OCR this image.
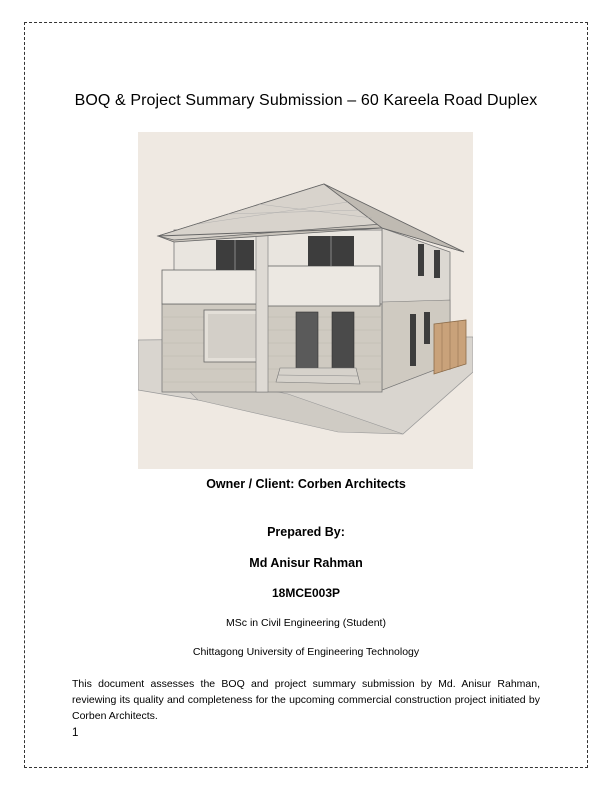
BOQ & Project Summary Submission – 60 Kareela Road Duplex
Owner / Client: Corben Architects
Prepared By:
Md Anisur Rahman
18MCE003P
MSc in Civil Engineering (Student)
Chittagong University of Engineering Technology
This document assesses the BOQ and project summary submission by Md. Anisur Rahman, reviewing its quality and completeness for the upcoming commercial construction project initiated by Corben Architects.
1
